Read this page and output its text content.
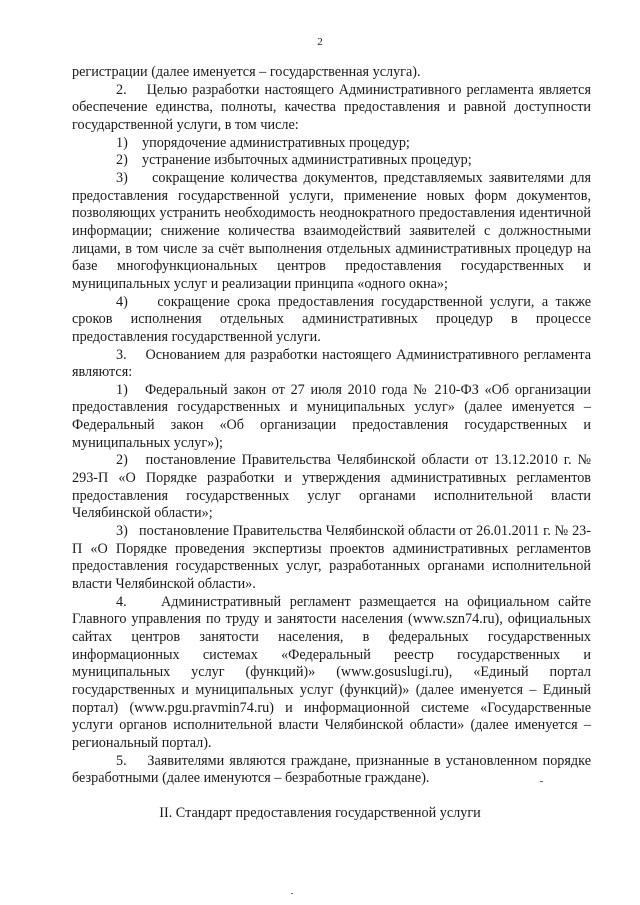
2

регистрации (далее именуется – государственная услуга).

2.    Целью разработки настоящего Административного регламента является обеспечение единства, полноты, качества предоставления и равной доступности государственной услуги, в том числе:

1)    упорядочение административных процедур;

2)    устранение избыточных административных процедур;

3)    сокращение количества документов, представляемых заявителями для предоставления государственной услуги, применение новых форм документов, позволяющих устранить необходимость неоднократного предоставления идентичной информации; снижение количества взаимодействий заявителей с должностными лицами, в том числе за счёт выполнения отдельных административных процедур на базе многофункциональных центров предоставления государственных и муниципальных услуг и реализации принципа «одного окна»;

4)    сокращение срока предоставления государственной услуги, а также сроков исполнения отдельных административных процедур в процессе предоставления государственной услуги.

3.    Основанием для разработки настоящего Административного регламента являются:

1)   Федеральный закон от 27 июля 2010 года № 210-ФЗ «Об организации предоставления государственных и муниципальных услуг» (далее именуется – Федеральный закон «Об организации предоставления государственных и муниципальных услуг»);

2)   постановление Правительства Челябинской области от 13.12.2010 г. № 293-П «О Порядке разработки и утверждения административных регламентов предоставления государственных услуг органами исполнительной власти Челябинской области»;

3)   постановление Правительства Челябинской области от 26.01.2011 г. № 23-П «О Порядке проведения экспертизы проектов административных регламентов предоставления государственных услуг, разработанных органами исполнительной власти Челябинской области».

4.    Административный регламент размещается на официальном сайте Главного управления по труду и занятости населения (www.szn74.ru), официальных сайтах центров занятости населения, в федеральных государственных информационных системах «Федеральный реестр государственных и муниципальных услуг (функций)» (www.gosuslugi.ru), «Единый портал государственных и муниципальных услуг (функций)» (далее именуется – Единый портал) (www.pgu.pravmin74.ru) и информационной системе «Государственные услуги органов исполнительной власти Челябинской области» (далее именуется – региональный портал).

5.    Заявителями являются граждане, признанные в установленном порядке безработными (далее именуются – безработные граждане).

II. Стандарт предоставления государственной услуги
